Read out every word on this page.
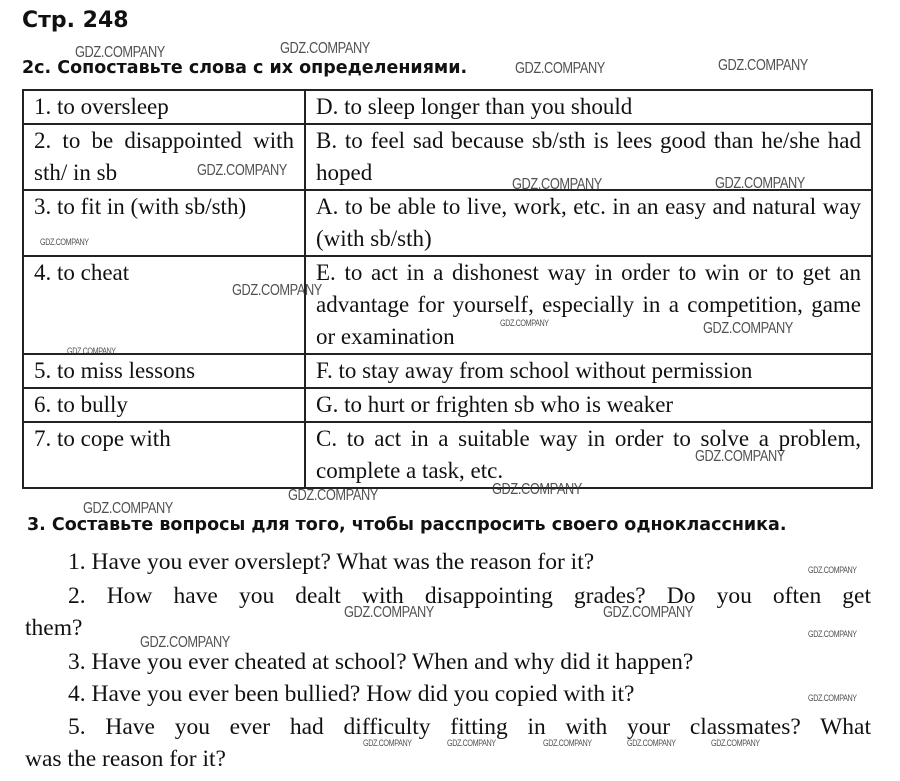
Стр. 248
2c. Сопоставьте слова с их определениями.
1. to oversleep	D. to sleep longer than you should
2. to be disappointed with sth/ in sb	B. to feel sad because sb/sth is lees good than he/she had hoped
3. to fit in (with sb/sth)	A. to be able to live, work, etc. in an easy and natural way (with sb/sth)
4. to cheat	E. to act in a dishonest way in order to win or to get an advantage for yourself, especially in a competition, game or examination
5. to miss lessons	F. to stay away from school without permission
6. to bully	G. to hurt or frighten sb who is weaker
7. to cope with	C. to act in a suitable way in order to solve a problem, complete a task, etc.
3. Составьте вопросы для того, чтобы расспросить своего одноклассника.
1. Have you ever overslept? What was the reason for it?
2. How have you dealt with disappointing grades? Do you often get
them?
3. Have you ever cheated at school? When and why did it happen?
4. Have you ever been bullied? How did you copied with it?
5. Have you ever had difficulty fitting in with your classmates? What
was the reason for it?
GDZ.COMPANY	GDZ.COMPANY
GDZ.COMPANY	GDZ.COMPANY
GDZ.COMPANY
GDZ.COMPANY	GDZ.COMPANY
GDZ.COMPANY
GDZ.COMPANY
GDZ.COMPANY	GDZ.COMPANY
GDZ.COMPANY
GDZ.COMPANY
GDZ.COMPANY
GDZ.COMPANY	GDZ.COMPANY
GDZ.COMPANY
GDZ.COMPANY	GDZ.COMPANY
GDZ.COMPANY
GDZ.COMPANY
GDZ.COMPANY
GDZ.COMPANY	GDZ.COMPANY	GDZ.COMPANY	GDZ.COMPANY	GDZ.COMPANY
